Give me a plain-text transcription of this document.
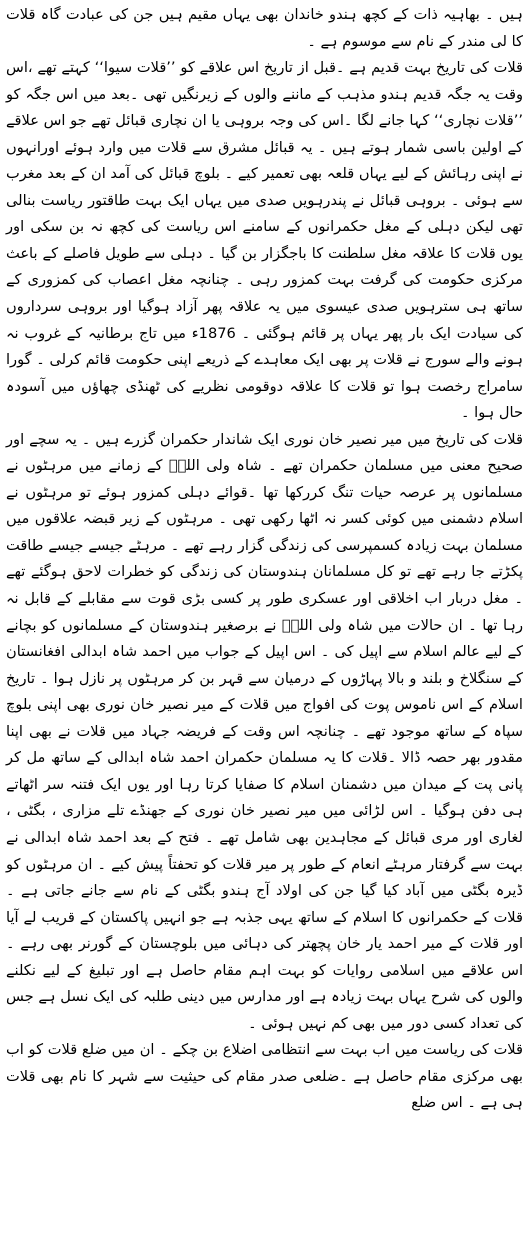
ہیں ۔ بھاہیہ ذات کے کچھ ہندو خاندان بھی یہاں مقیم ہیں جن کی عبادت گاہ قلات کا لی مندر کے نام سے موسوم ہے ۔

قلات کی تاریخ بہت قدیم ہے ۔قبل از تاریخ اس علاقے کو ’’قلات سیوا‘‘ کہتے تھے ،اس وقت یہ جگہ قدیم ہندو مذہب کے ماننے والوں کے زیرنگیں تھی ۔بعد میں اس جگہ کو ’’قلات نچاری‘‘ کہا جانے لگا ۔اس کی وجہ بروہی یا ان نچاری قبائل تھے جو اس علاقے کے اولین باسی شمار ہوتے ہیں ۔ یہ قبائل مشرق سے قلات میں وارد ہوئے اورانہوں نے اپنی رہائش کے لیے یہاں قلعہ بھی تعمیر کیے ۔ بلوچ قبائل کی آمد ان کے بعد مغرب سے ہوئی ۔ بروہی قبائل نے پندرہویں صدی میں یہاں ایک بہت طاقتور ریاست بنالی تھی لیکن دہلی کے مغل حکمرانوں کے سامنے اس ریاست کی کچھ نہ بن سکی اور یوں قلات کا علاقہ مغل سلطنت کا باجگزار بن گیا ۔ دہلی سے طویل فاصلے کے باعث مرکزی حکومت کی گرفت بہت کمزور رہی ۔ چنانچہ مغل اعصاب کی کمزوری کے ساتھ ہی سترہویں صدی عیسوی میں یہ علاقہ پھر آزاد ہوگیا اور بروہی سرداروں کی سیادت ایک بار پھر یہاں پر قائم ہوگئی ۔ 1876ء میں تاج برطانیہ کے غروب نہ ہونے والے سورج نے قلات پر بھی ایک معاہدے کے ذریعے اپنی حکومت قائم کرلی ۔ گورا سامراج رخصت ہوا تو قلات کا علاقہ دوقومی نظریے کی ٹھنڈی چھاؤں میں آسودہ حال ہوا ۔

قلات کی تاریخ میں میر نصیر خان نوری ایک شاندار حکمران گزرے ہیں ۔ یہ سچے اور صحیح معنی میں مسلمان حکمران تھے ۔ شاہ ولی اللہؒ کے زمانے میں مرہٹوں نے مسلمانوں پر عرصہ حیات تنگ کررکھا تھا ۔قوائے دہلی کمزور ہوئے تو مرہٹوں نے اسلام دشمنی میں کوئی کسر نہ اٹھا رکھی تھی ۔ مرہٹوں کے زیر قبضہ علاقوں میں مسلمان بہت زیادہ کسمپرسی کی زندگی گزار رہے تھے ۔ مرہٹے جیسے جیسے طاقت پکڑتے جا رہے تھے تو کل مسلمانان ہندوستان کی زندگی کو خطرات لاحق ہوگئے تھے ۔ مغل دربار اب اخلاقی اور عسکری طور پر کسی بڑی قوت سے مقابلے کے قابل نہ رہا تھا ۔ ان حالات میں شاہ ولی اللہؒ نے برصغیر ہندوستان کے مسلمانوں کو بچانے کے لیے عالم اسلام سے اپیل کی ۔ اس اپیل کے جواب میں احمد شاہ ابدالی افغانستان کے سنگلاخ و بلند و بالا پہاڑوں کے درمیان سے قہر بن کر مرہٹوں پر نازل ہوا ۔ تاریخ اسلام کے اس ناموس پوت کی افواج میں قلات کے میر نصیر خان نوری بھی اپنی بلوچ سپاہ کے ساتھ موجود تھے ۔ چنانچہ اس وقت کے فریضہ جہاد میں قلات نے بھی اپنا مقدور بھر حصہ ڈالا ۔قلات کا یہ مسلمان حکمران احمد شاہ ابدالی کے ساتھ مل کر پانی پت کے میدان میں دشمنان اسلام کا صفایا کرتا رہا اور یوں ایک فتنہ سر اٹھاتے ہی دفن ہوگیا ۔ اس لڑائی میں میر نصیر خان نوری کے جھنڈے تلے مزاری ، بگٹی ، لغاری اور مری قبائل کے مجاہدین بھی شامل تھے ۔ فتح کے بعد احمد شاہ ابدالی نے بہت سے گرفتار مرہٹے انعام کے طور پر میر قلات کو تحفتاً پیش کیے ۔ ان مرہٹوں کو ڈیرہ بگٹی میں آباد کیا گیا جن کی اولاد آج ہندو بگٹی کے نام سے جانے جاتی ہے ۔ قلات کے حکمرانوں کا اسلام کے ساتھ یہی جذبہ ہے جو انہیں پاکستان کے قریب لے آیا اور قلات کے میر احمد یار خان پچھتر کی دہائی میں بلوچستان کے گورنر بھی رہے ۔ اس علاقے میں اسلامی روایات کو بہت اہم مقام حاصل ہے اور تبلیغ کے لیے نکلنے والوں کی شرح یہاں بہت زیادہ ہے اور مدارس میں دینی طلبہ کی ایک نسل ہے جس کی تعداد کسی دور میں بھی کم نہیں ہوئی ۔

قلات کی ریاست میں اب بہت سے انتظامی اضلاع بن چکے ۔ ان میں ضلع قلات کو اب بھی مرکزی مقام حاصل ہے ۔ضلعی صدر مقام کی حیثیت سے شہر کا نام بھی قلات ہی ہے ۔ اس ضلع
